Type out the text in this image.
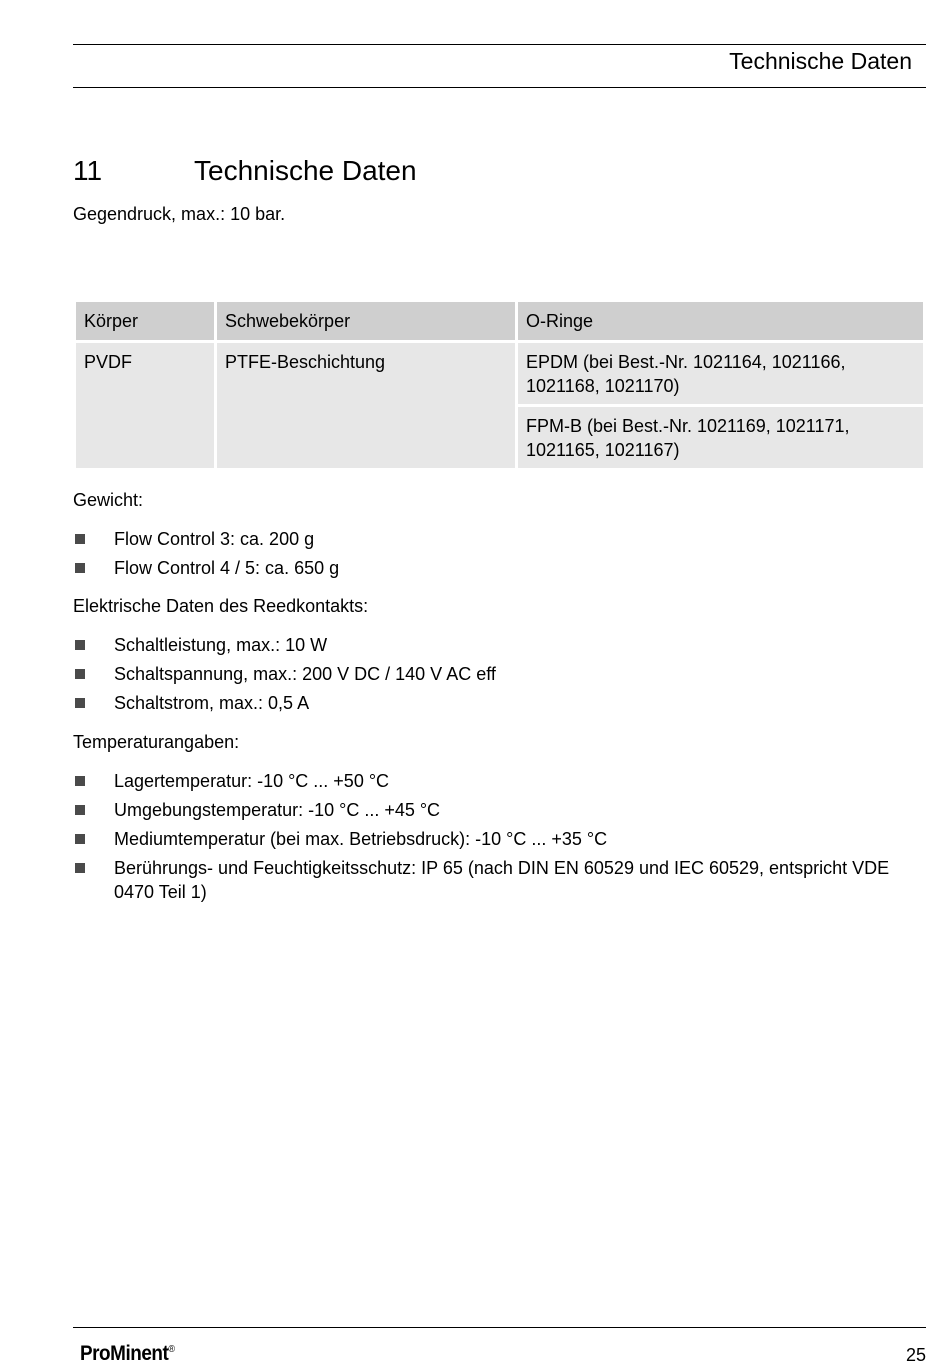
Technische Daten
11	Technische Daten
Gegendruck, max.: 10 bar.
Körper	Schwebekörper	O-Ringe
PVDF	PTFE-Beschichtung	EPDM (bei Best.-Nr. 1021164, 1021166, 1021168, 1021170)
		FPM-B (bei Best.-Nr. 1021169, 1021171, 1021165, 1021167)
Gewicht:
Flow Control 3: ca. 200 g
Flow Control 4 / 5: ca. 650 g
Elektrische Daten des Reedkontakts:
Schaltleistung, max.: 10 W
Schaltspannung, max.: 200 V DC / 140 V AC eff
Schaltstrom, max.: 0,5 A
Temperaturangaben:
Lagertemperatur: -10 °C ... +50 °C
Umgebungstemperatur: -10 °C ... +45 °C
Mediumtemperatur (bei max. Betriebsdruck): -10 °C ... +35 °C
Berührungs- und Feuchtigkeitsschutz: IP 65 (nach DIN EN 60529 und IEC 60529, entspricht VDE 0470 Teil 1)
ProMinent®	25
